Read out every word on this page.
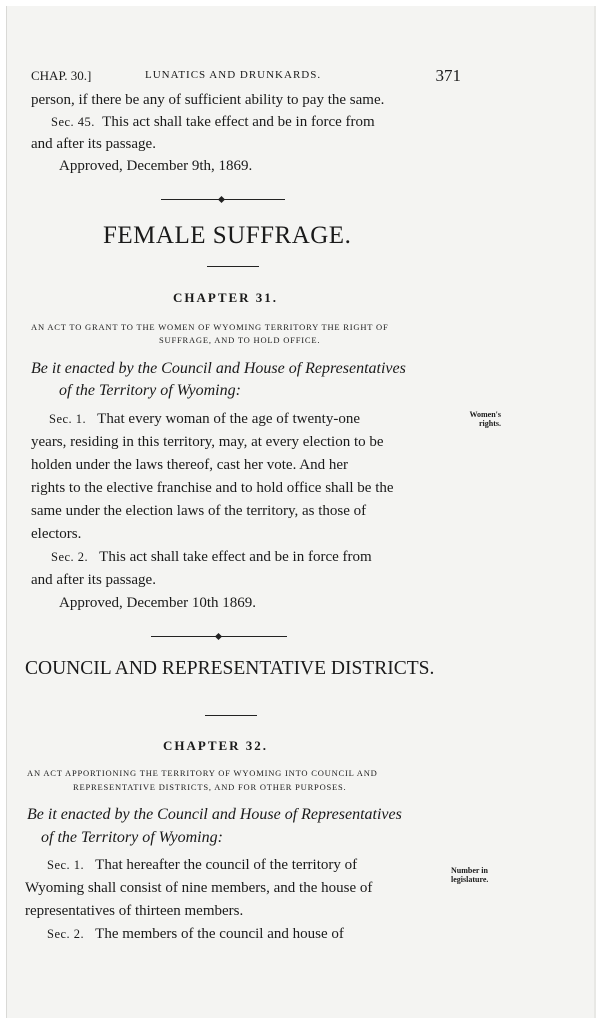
CHAP. 30.]	LUNATICS AND DRUNKARDS.	371
person, if there be any of sufficient ability to pay the same.
Sec. 45. This act shall take effect and be in force from
and after its passage.
Approved, December 9th, 1869.
FEMALE SUFFRAGE.
CHAPTER 31.
AN ACT TO GRANT TO THE WOMEN OF WYOMING TERRITORY THE RIGHT OF
SUFFRAGE, AND TO HOLD OFFICE.
Be it enacted by the Council and House of Representatives
of the Territory of Wyoming:
Sec. 1. That every woman of the age of twenty-one	Women's
rights.
years, residing in this territory, may, at every election to be
holden under the laws thereof, cast her vote. And her
rights to the elective franchise and to hold office shall be the
same under the election laws of the territory, as those of
electors.
Sec. 2. This act shall take effect and be in force from
and after its passage.
Approved, December 10th 1869.
COUNCIL AND REPRESENTATIVE DISTRICTS.
CHAPTER 32.
AN ACT APPORTIONING THE TERRITORY OF WYOMING INTO COUNCIL AND
REPRESENTATIVE DISTRICTS, AND FOR OTHER PURPOSES.
Be it enacted by the Council and House of Representatives
of the Territory of Wyoming:
Sec. 1. That hereafter the council of the territory of	Number in
legislature.
Wyoming shall consist of nine members, and the house of
representatives of thirteen members.
Sec. 2. The members of the council and house of
